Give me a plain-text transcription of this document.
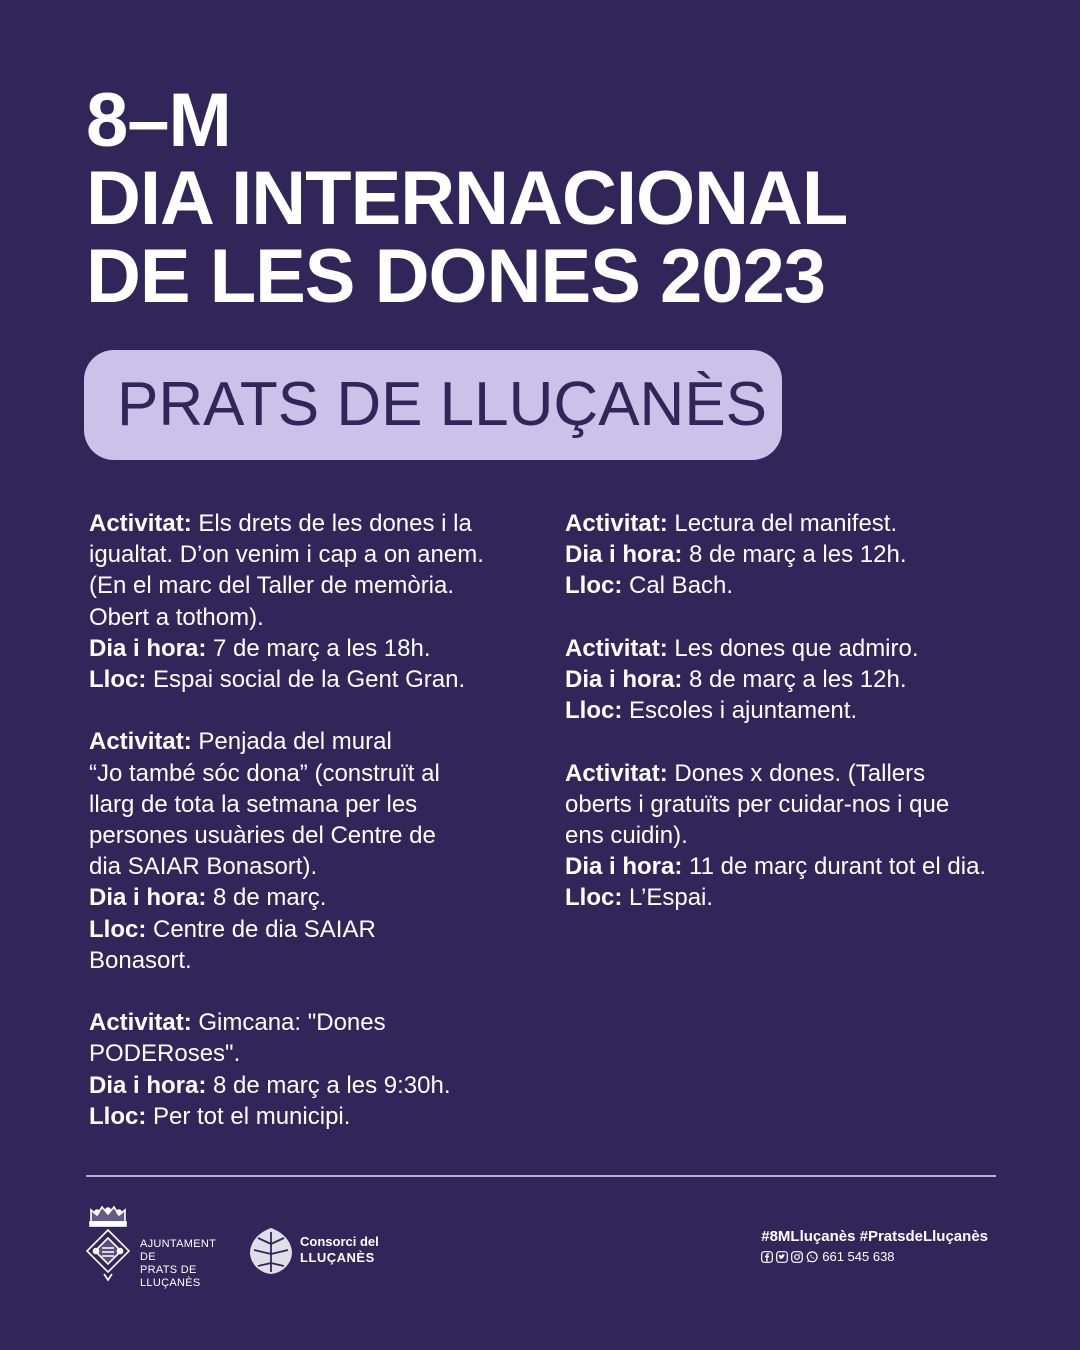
8–M
DIA INTERNACIONAL
DE LES DONES 2023
PRATS DE LLUÇANÈS
Activitat: Els drets de les dones i la
igualtat. D’on venim i cap a on anem.
(En el marc del Taller de memòria.
Obert a tothom).
Dia i hora: 7 de març a les 18h.
Lloc: Espai social de la Gent Gran.
Activitat: Penjada del mural
“Jo també sóc dona” (construït al
llarg de tota la setmana per les
persones usuàries del Centre de
dia SAIAR Bonasort).
Dia i hora: 8 de març.
Lloc: Centre de dia SAIAR
Bonasort.
Activitat: Gimcana: "Dones
PODERoses".
Dia i hora: 8 de març a les 9:30h.
Lloc: Per tot el municipi.
Activitat: Lectura del manifest.
Dia i hora: 8 de març a les 12h.
Lloc: Cal Bach.
Activitat: Les dones que admiro.
Dia i hora: 8 de març a les 12h.
Lloc: Escoles i ajuntament.
Activitat: Dones x dones. (Tallers
oberts i gratuïts per cuidar-nos i que
ens cuidin).
Dia i hora: 11 de març durant tot el dia.
Lloc: L’Espai.
AJUNTAMENT DE
PRATS DE LLUÇANÈS
Consorci del
LLUÇANÈS
#8MLluçanès #PratsdeLluçanès
661 545 638
